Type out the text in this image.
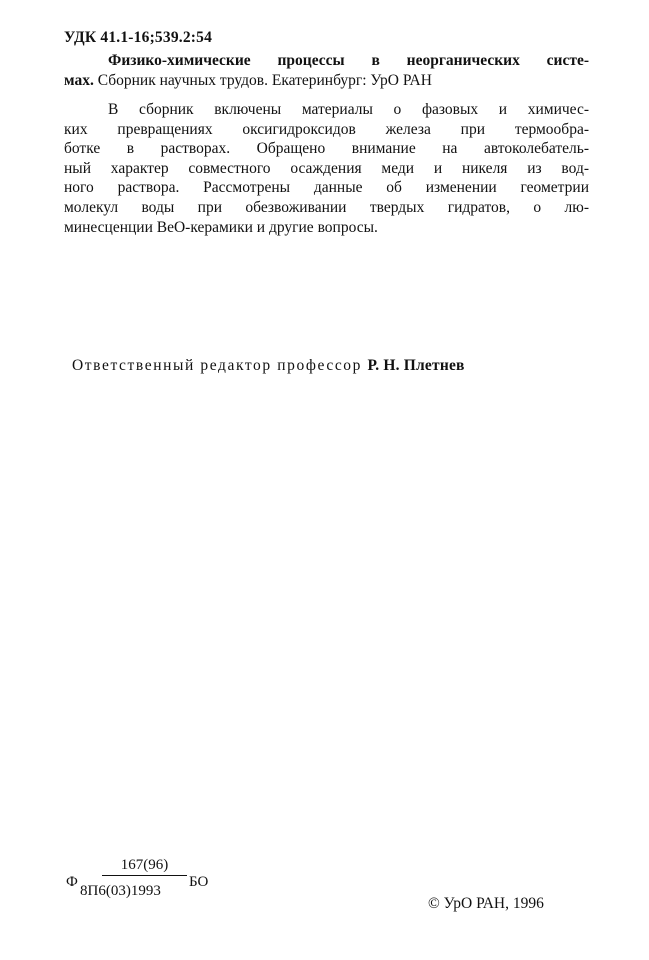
УДК 41.1-16;539.2:54
Физико-химические процессы в неорганических систе-
мах. Сборник научных трудов. Екатеринбург: УрО РАН
В сборник включены материалы о фазовых и химичес-
ких превращениях оксигидроксидов железа при термообра-
ботке в растворах. Обращено внимание на автоколебатель-
ный характер совместного осаждения меди и никеля из вод-
ного раствора. Рассмотрены данные об изменении геометрии
молекул воды при обезвоживании твердых гидратов, о лю-
минесценции BeO-керамики и другие вопросы.
Ответственный редактор профессор Р. Н. Плетнев
Ф
167(96)
8П6(03)1993
БО
© УрО РАН, 1996
